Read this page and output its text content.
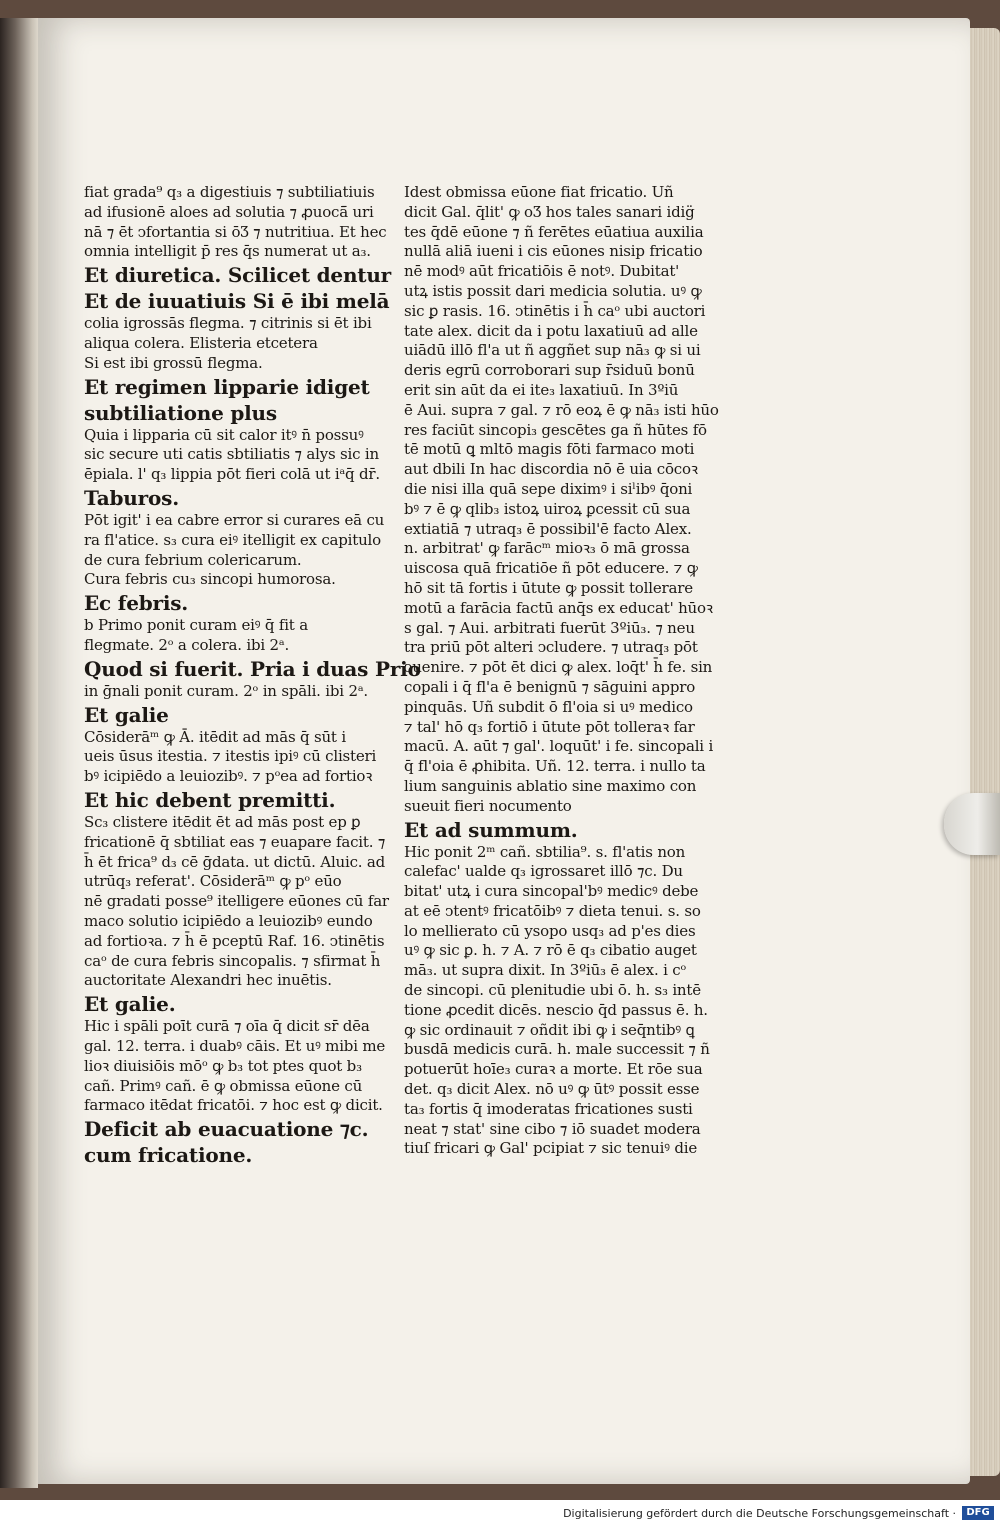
fiat grada⁹ q₃ a digestiuis ⁊ subtiliatiuis
ad ifusionē aloes ad solutia ⁊ ꝓuocā̄ uri
nā ⁊ ēt ↄfortantia si ōƷ ⁊ nutritiua. Et hec
omnia intelligit p̄ res q̄s numerat ut a₃.
Et diuretica. Scilicet dentur
Et de iuuatiuis Si ē ibi melā
colia igrossās flegma. ⁊ citrinis si ēt ibi
aliqua colera. Elisteria etcetera
Si est ibi grossū flegma.
Et regimen lipparie idiget
subtiliatione plus
Quia i lipparia cū sit calor itꝰ n̄ possuꝰ
sic secure uti catis sbtiliatis ⁊ alys sic in
ēpiala. l' q₃ lippia pōt fieri colā ut iᵃq̄ dr̄.
Taburos.
Pōt igit' i ea cabre error si curares eā cu
ra fl'atice. s₃ cura eiꝰ itelligit ex capitulo
de cura febrium colericarum.
Cura febris cu₃ sincopi humorosa.
Ec febris.
b Primo ponit curam eiꝰ q̄ fit a
flegmate. 2ᵒ a colera. ibi 2ᵃ.
Quod si fuerit. Pria i duas Prio
in ḡnali ponit curam. 2ᵒ in spāli. ibi 2ᵃ.
Et galie
Cōsiderāᵐ ꝙ Ā. itēdit ad mās q̄ sūt i
ueis ūsus itestia. ⁊ itestis ipiꝰ cū clisteri
bꝰ icipiēdo a leuiozibꝰ. ⁊ pᵒea ad fortioꝛ
Et hic debent premitti.
Sc₃ clistere itēdit ēt ad mās post ep ꝑ
fricationē q̄ sbtiliat eas ⁊ euapare facit. ⁊
h̄ ēt frica⁹ d₃ cē ḡdata. ut dictū. Aluic. ad
utrūq₃ referat'. Cōsiderāᵐ ꝙ pᵒ eūo
nē gradati posse⁹ itelligere eūones cū far
maco solutio icipiēdo a leuiozibꝰ eundo
ad fortioꝛa. ⁊ h̄ ē pceptū Raf. 16. ↄtinētis
caᵒ de cura febris sincopalis. ⁊ sfirmat h̄
auctoritate Alexandri hec inuētis.
Et galie.
Hic i spāli poīt curā ⁊ oīa q̄ dicit sr̄ dēa
gal. 12. terra. i duabꝰ cāis. Et uꝰ mibi me
lioꝛ diuisiōis mōᵒ ꝙ b₃ tot ptes quot b₃
cañ. Primꝰ cañ. ē ꝙ obmissa eūone cū
farmaco itēdat fricatōi. ⁊ hoc est ꝙ dicit.
Deficit ab euacuatione ⁊c.
cum fricatione.
Idest obmissa eūone fiat fricatio. Uñ
dicit Gal. q̄lit' ꝙ oƷ hos tales sanari idig̈
tes q̄dē eūone ⁊ ñ ferētes eūatiua auxilia
nullā aliā iueni i cis eūones nisip fricatio
nē modꝰ aūt fricatiōis ē notꝰ. Dubitat'
utꝝ istis possit dari medicia solutia. uꝰ ꝙ
sic ꝑ rasis. 16. ↄtinētis i h̄ caᵒ ubi auctori
tate alex. dicit da i potu laxatiuū ad alle
uiādū illō fl'a ut ñ aggñet sup nā₃ ꝙ si ui
deris egrū corroborari sup r̄siduū bonū
erit sin aūt da ei ite₃ laxatiuū. In 3ºiū
ē Aui. supra ⁊ gal. ⁊ rō eoꝝ ē ꝙ nā₃ isti hūo
res faciūt sincopi₃ gescētes ga ñ hūtes fō
tē motū ꝗ mltō magis fōti farmaco moti
aut dbili In hac discordia nō ē uia cōcoꝛ
die nisi illa quā sepe diximꝰ i siˡibꝰ q̄oni
bꝰ ⁊ ē ꝙ qlib₃ istoꝝ uiroꝝ ꝑcessit cū sua
extiatiā ⁊ utraq₃ ē possibil'ē facto Alex.
n. arbitrat' ꝙ farācᵐ mioꝛ₃ ō mā grossa
uiscosa quā fricatiōe ñ pōt educere. ⁊ ꝙ
hō sit tā fortis i ūtute ꝙ possit tollerare
motū a farācia factū anq̄s ex educat' hūoꝛ
s gal. ⁊ Aui. arbitrati fuerūt 3ºiū₃. ⁊ neu
tra priū pōt alteri ↄcludere. ⁊ utraq₃ pōt
ↄuenire. ⁊ pōt ēt dici ꝙ alex. loq̄t' h̄ fe. sin
copali i q̄ fl'a ē benignū ⁊ sāguini appro
pinquās. Uñ subdit ō fl'oia si uꝰ medico
⁊ tal' hō q₃ fortiō i ūtute pōt tolleraꝛ far
macū. A. aūt ⁊ gal'. loquūt' i fe. sincopali i
q̄ fl'oia ē ꝓhibita. Uñ. 12. terra. i nullo ta
lium sanguinis ablatio sine maximo con
sueuit fieri nocumento
Et ad summum.
Hic ponit 2ᵐ cañ. sbtilia⁹. s. fl'atis non
calefac' ualde q₃ igrossaret illō ⁊c. Du
bitat' utꝝ i cura sincopal'bꝰ medicꝰ debe
at eē ↄtentꝰ fricatōibꝰ ⁊ dieta tenui. s. so
lo mellierato cū ysopo usq₃ ad p'es dies
uꝰ ꝙ sic ꝑ. h. ⁊ A. ⁊ rō ē q₃ cibatio auget
mā₃. ut supra dixit. In 3ºiū₃ ē alex. i cᵒ
de sincopi. cū plenitudie ubi ō. h. s₃ intē
tione ꝓcedit dicēs. nescio q̄d passus ē. h.
ꝙ sic ordinauit ⁊ oñdit ibi ꝙ i seq̄ntibꝰ ꝗ
busdā medicis curā. h. male successit ⁊ ñ
potuerūt hoīe₃ curaꝛ a morte. Et rōe sua
det. q₃ dicit Alex. nō uꝰ ꝙ ūtꝰ possit esse
ta₃ fortis q̄ imoderatas fricationes susti
neat ⁊ stat' sine cibo ⁊ iō suadet modera
tiuſ fricari ꝙ Gal' pcipiat ⁊ sic tenuiꝰ die
Digitalisierung gefördert durch die Deutsche Forschungsgemeinschaft ·	DFG
